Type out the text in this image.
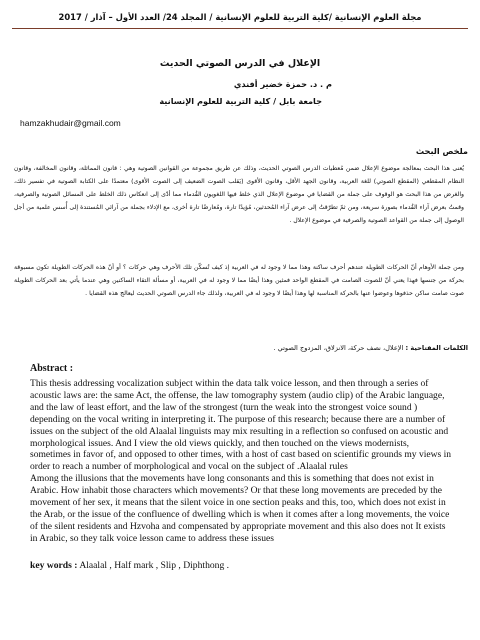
مجلة العلوم الإنسانية /كلية التربية للعلوم الإنسانية / المجلد 24/ العدد الأول – آذار / 2017
الإعلال في الدرس الصوتي الحديث
م . د. حمزة خضير أفندي
جامعة بابل / كلية التربية للعلوم الإنسانية
hamzakhudair@gmail.com
ملخص البحث

يُعنى هذا البحث بمعالجة موضوع الإعلال ضمن مُعطيات الدرس الصوتي الحديث، وذلك عن طريق مجموعة من القوانين الصوتية وهي : قانون المماثلة، وقانون المخالفة، وقانون النظام المقطعي (المقطع الصوتي) للغة العربية، وقانون الجهد الأقل، وقانون الأقوى (يَقلب الصوت الضعيف إلى الصوت الأقوى) معتمدًا على الكتابة الصوتية في تفسير ذلك، والغرض من هذا البحث هو الوقوف على جملة من القضايا في موضوع الإعلال الذي خلط فيها اللغويون القُدماء مما أدّى إلى انعكاس ذلك الخلط على المسائل الصوتية والصرفية، وقمتُ بعرض آراء القُدماء بصورة سريعة، ومن ثمّ تطرّقتُ إلى عرض آراء المُحدثين، مُؤيدًا تارة، ومُعارضًا تارة أخرى، مع الإدلاء بجملة من آرائي المُستندة إلى أُسس علمية من أجل الوصول إلى جملة من القواعد الصوتية والصرفية في موضوع الإعلال .

ومن جملة الأوهام أنّ الحركات الطويلة عندهم أحرف ساكنة وهذا مما لا وجود له في العربية إذ كيف تُسكّن تلك الأحرف وهي حركات ؟ أو أنّ هذه الحركات الطويلة تكون مسبوقة بحركة من جنسها فهذا يعني أنّ للصوت الصامت في المقطع الواحد فمثين وهذا أيضًا مما لا وجود له في العربية، أو مسألة التقاء الساكنين وهي عندما يأتي بعد الحركات الطويلة صوت صامت ساكن حذفوها وعوضوا عنها بالحركة المناسبة لها وهذا أيضًا لا وجود له في العربية، ولذلك جاء الدرس الصوتي الحديث ليعالج هذه القضايا .

الكلمات المفتاحية : الإعلال، نصف حركة، الانزلاق، المزدوج الصوتي .
Abstract :

This thesis addressing vocalization subject within the data talk voice lesson, and then through a series of acoustic laws are: the same Act, the offense, the law tomography system (audio clip) of the Arabic language, and the law of least effort, and the law of the strongest (turn the weak into the strongest voice sound ) depending on the vocal writing in interpreting it. The purpose of this research; because there are a number of issues on the subject of the old Alaalal linguists may mix resulting in a reflection so confused on acoustic and morphological issues. And I view the old views quickly, and then touched on the views modernists, sometimes in favor of, and opposed to other times, with a host of cast based on scientific grounds my views in order to reach a number of morphological and vocal on the subject of .Alaalal rules

Among the illusions that the movements have long consonants and this is something that does not exist in Arabic. How inhabit those characters which movements? Or that these long movements are preceded by the movement of her sex, it means that the silent voice in one section peaks and this, too, which does not exist in the Arab, or the issue of the confluence of dwelling which is when it comes after a long movements, the voice of the silent residents and Hzvoha and compensated by appropriate movement and this also does not It exists in Arabic, so they talk voice lesson came to address these issues

key words : Alaalal , Half mark , Slip , Diphthong .
